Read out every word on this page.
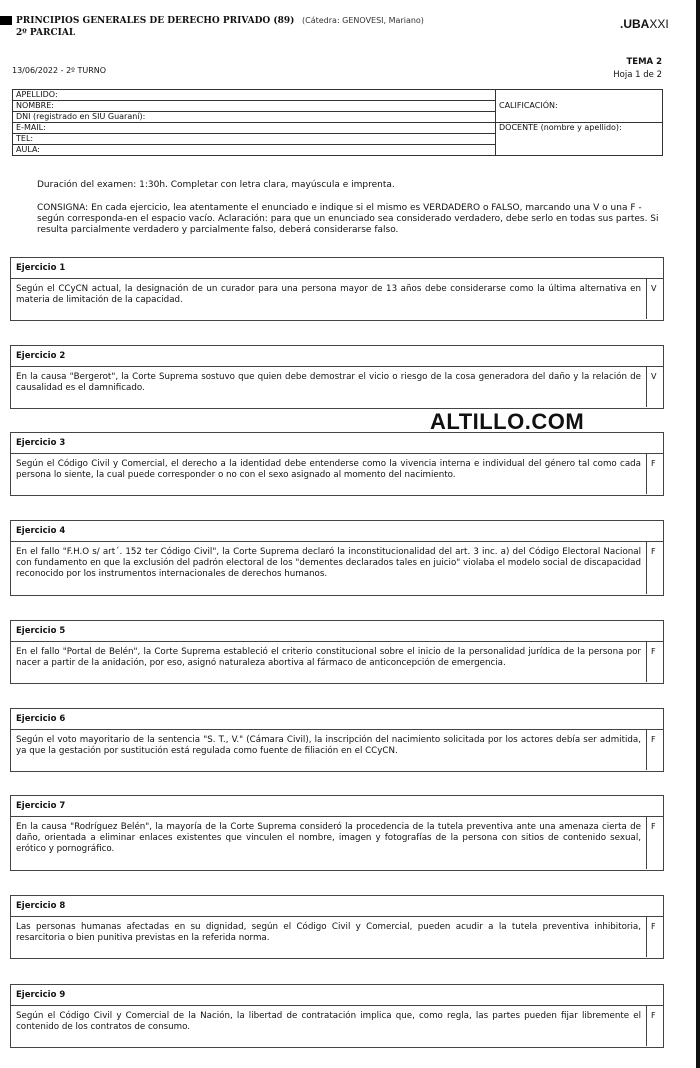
PRINCIPIOS GENERALES DE DERECHO PRIVADO (89)
2º PARCIAL
(Cátedra: GENOVESI, Mariano)	.UBAXXI
13/06/2022 - 2º TURNO
TEMA 2
Hoja 1 de 2
APELLIDO:	CALIFICACIÓN:
NOMBRE:	
DNI (registrado en SIU Guaraní):	
E-MAIL:	DOCENTE (nombre y apellido):
TEL:	
AULA:	
Duración del examen: 1:30h. Completar con letra clara, mayúscula e imprenta.
CONSIGNA: En cada ejercicio, lea atentamente el enunciado e indique si el mismo es VERDADERO o FALSO, marcando una V o una F -según corresponda-en el espacio vacío. Aclaración: para que un enunciado sea considerado verdadero, debe serlo en todas sus partes. Si resulta parcialmente verdadero y parcialmente falso, deberá considerarse falso.
Ejercicio 1
Según el CCyCN actual, la designación de un curador para una persona mayor de 13 años debe considerarse como la última alternativa en materia de limitación de la capacidad.
V
Ejercicio 2
En la causa "Bergerot", la Corte Suprema sostuvo que quien debe demostrar el vicio o riesgo de la cosa generadora del daño y la relación de causalidad es el damnificado.
V
ALTILLO.COM
Ejercicio 3
Según el Código Civil y Comercial, el derecho a la identidad debe entenderse como la vivencia interna e individual del género tal como cada persona lo siente, la cual puede corresponder o no con el sexo asignado al momento del nacimiento.
F
Ejercicio 4
En el fallo "F.H.O s/ art´. 152 ter Código Civil", la Corte Suprema declaró la inconstitucionalidad del art. 3 inc. a) del Código Electoral Nacional con fundamento en que la exclusión del padrón electoral de los "dementes declarados tales en juicio" violaba el modelo social de discapacidad reconocido por los instrumentos internacionales de derechos humanos.
F
Ejercicio 5
En el fallo "Portal de Belén", la Corte Suprema estableció el criterio constitucional sobre el inicio de la personalidad jurídica de la persona por nacer a partir de la anidación, por eso, asignó naturaleza abortiva al fármaco de anticoncepción de emergencia.
F
Ejercicio 6
Según el voto mayoritario de la sentencia "S. T., V." (Cámara Civil), la inscripción del nacimiento solicitada por los actores debía ser admitida, ya que la gestación por sustitución está regulada como fuente de filiación en el CCyCN.
F
Ejercicio 7
En la causa "Rodríguez Belén", la mayoría de la Corte Suprema consideró la procedencia de la tutela preventiva ante una amenaza cierta de daño, orientada a eliminar enlaces existentes que vinculen el nombre, imagen y fotografías de la persona con sitios de contenido sexual, erótico y pornográfico.
F
Ejercicio 8
Las personas humanas afectadas en su dignidad, según el Código Civil y Comercial, pueden acudir a la tutela preventiva inhibitoria, resarcitoria o bien punitiva previstas en la referida norma.
F
Ejercicio 9
Según el Código Civil y Comercial de la Nación, la libertad de contratación implica que, como regla, las partes pueden fijar libremente el contenido de los contratos de consumo.
F
